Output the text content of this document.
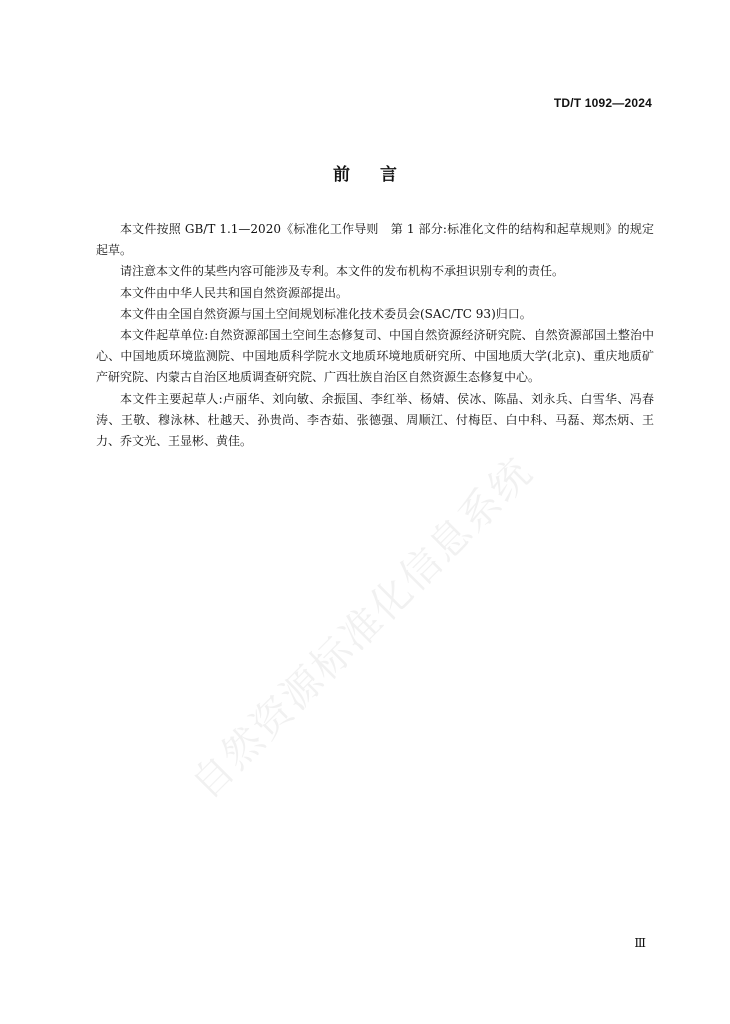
TD/T 1092—2024
前言

本文件按照 GB/T 1.1—2020《标准化工作导则　第 1 部分:标准化文件的结构和起草规则》的规定起草。

请注意本文件的某些内容可能涉及专利。本文件的发布机构不承担识别专利的责任。

本文件由中华人民共和国自然资源部提出。

本文件由全国自然资源与国土空间规划标准化技术委员会(SAC/TC 93)归口。

本文件起草单位:自然资源部国土空间生态修复司、中国自然资源经济研究院、自然资源部国土整治中心、中国地质环境监测院、中国地质科学院水文地质环境地质研究所、中国地质大学(北京)、重庆地质矿产研究院、内蒙古自治区地质调查研究院、广西壮族自治区自然资源生态修复中心。

本文件主要起草人:卢丽华、刘向敏、余振国、李红举、杨婧、侯冰、陈晶、刘永兵、白雪华、冯春涛、王敬、穆泳林、杜越天、孙贵尚、李杏茹、张德强、周顺江、付梅臣、白中科、马磊、郑杰炳、王力、乔文光、王显彬、黄佳。

自然资源标准化信息系统
Ⅲ
